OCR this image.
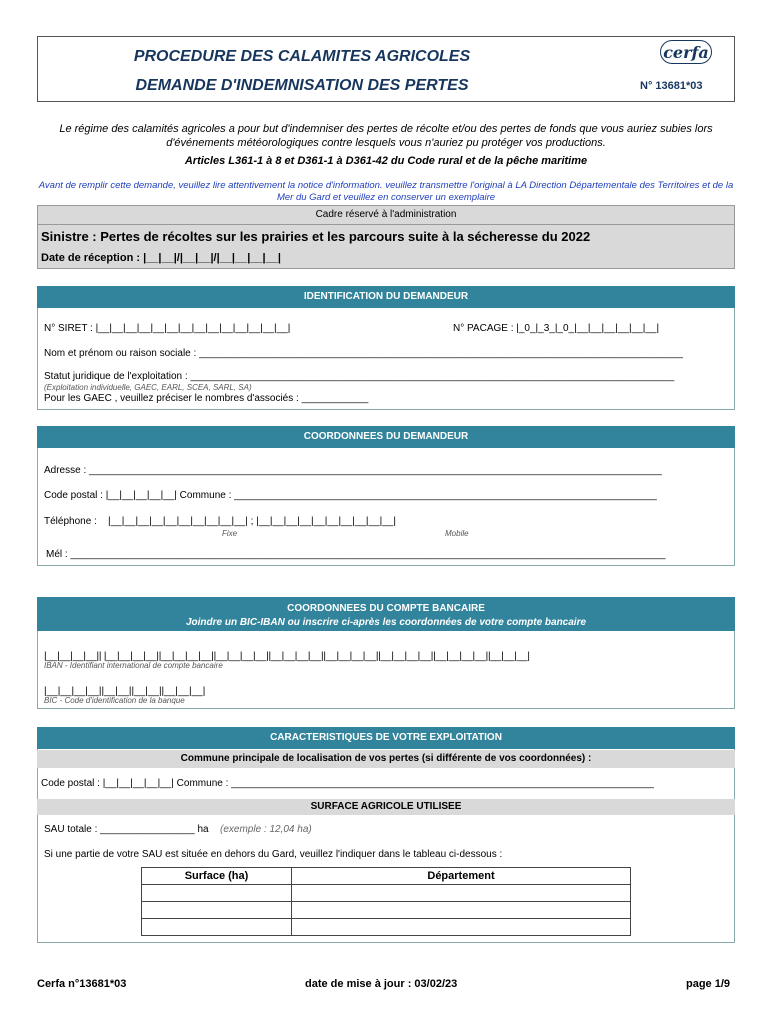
PROCEDURE DES CALAMITES AGRICOLES
DEMANDE D'INDEMNISATION DES PERTES
cerfa
N° 13681*03
Le régime des calamités agricoles a pour but d'indemniser des pertes de récolte et/ou des pertes de fonds que vous auriez subies lors d'événements météorologiques contre lesquels vous n'auriez pu protéger vos productions.
Articles L361-1 à 8 et D361-1 à D361-42 du Code rural et de la pêche maritime
Avant de remplir cette demande, veuillez lire attentivement la notice d'information. veuillez transmettre l'original à LA Direction Départementale des Territoires et de la Mer du Gard et veuillez en conserver un exemplaire
Cadre réservé à l'administration
Sinistre : Pertes de récoltes sur les prairies et les parcours suite à la sécheresse du 2022
Date de réception : |__|__|/|__|__|/|__|__|__|__|
IDENTIFICATION DU DEMANDEUR
N° SIRET : |__|__|__|__|__|__|__|__|__|__|__|__|__|__|	N° PACAGE : |_0_|_3_|_0_|__|__|__|__|__|__|
Nom et prénom ou raison sociale : _______________________________________________________________________________________
Statut juridique de l'exploitation : _______________________________________________________________________________________
(Exploitation individuelle, GAEC, EARL, SCEA, SARL, SA)
Pour les GAEC , veuillez préciser le nombres d'associés : ____________
COORDONNEES DU DEMANDEUR
Adresse : _______________________________________________________________________________________________________
Code postal : |__|__|__|__|__| Commune : ____________________________________________________________________________
Téléphone : |__|__|__|__|__|__|__|__|__|__| ; |__|__|__|__|__|__|__|__|__|__|
Fixe	Mobile
Mél : ___________________________________________________________________________________________________________
COORDONNEES DU COMPTE BANCAIRE
Joindre un BIC-IBAN ou inscrire ci-après les coordonnées de votre compte bancaire
|__|__|__|__|| |__|__|__|__||__|__|__|__||__|__|__|__||__|__|__|__||__|__|__|__||__|__|__|__||__|__|__|__||__|__|__|
IBAN - Identifiant international de compte bancaire
|__|__|__|__||__|__||__|__||__|__|__|
BIC - Code d'identification de la banque
CARACTERISTIQUES DE VOTRE EXPLOITATION
Commune principale de localisation de vos pertes (si différente de vos coordonnées) :
Code postal : |__|__|__|__|__| Commune : ____________________________________________________________________________
SURFACE AGRICOLE UTILISEE
SAU totale : _________________ ha (exemple : 12,04 ha)
Si une partie de votre SAU est située en dehors du Gard, veuillez l'indiquer dans le tableau ci-dessous :
Surface (ha)	Département

Cerfa n°13681*03	date de mise à jour : 03/02/23	page 1/9
